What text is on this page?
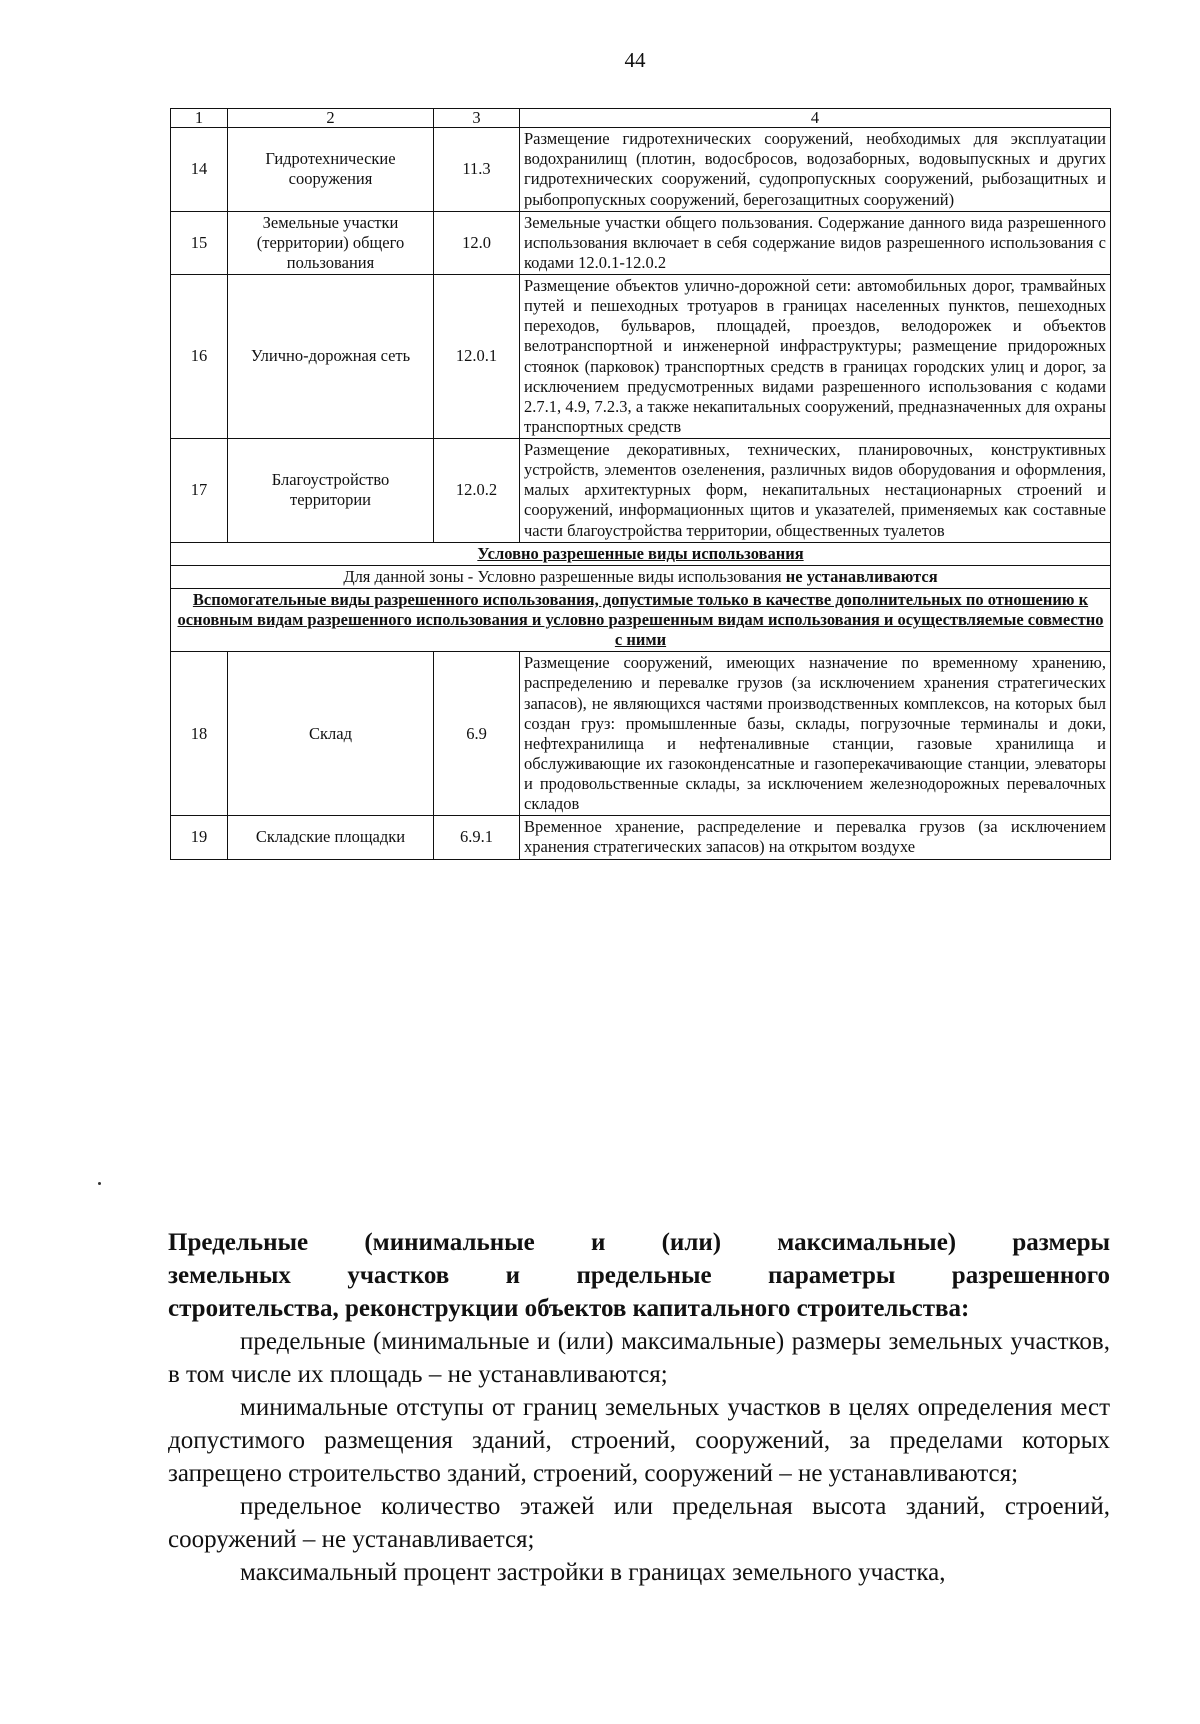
44
1	2	3	4
14	Гидротехнические сооружения	11.3	Размещение гидротехнических сооружений, необходимых для эксплуатации водохранилищ (плотин, водосбросов, водозаборных, водовыпускных и других гидротехнических сооружений, судопропускных сооружений, рыбозащитных и рыбопропускных сооружений, берегозащитных сооружений)
15	Земельные участки (территории) общего пользования	12.0	Земельные участки общего пользования. Содержание данного вида разрешенного использования включает в себя содержание видов разрешенного использования с кодами 12.0.1-12.0.2
16	Улично-дорожная сеть	12.0.1	Размещение объектов улично-дорожной сети: автомобильных дорог, трамвайных путей и пешеходных тротуаров в границах населенных пунктов, пешеходных переходов, бульваров, площадей, проездов, велодорожек и объектов велотранспортной и инженерной инфраструктуры; размещение придорожных стоянок (парковок) транспортных средств в границах городских улиц и дорог, за исключением предусмотренных видами разрешенного использования с кодами 2.7.1, 4.9, 7.2.3, а также некапитальных сооружений, предназначенных для охраны транспортных средств
17	Благоустройство территории	12.0.2	Размещение декоративных, технических, планировочных, конструктивных устройств, элементов озеленения, различных видов оборудования и оформления, малых архитектурных форм, некапитальных нестационарных строений и сооружений, информационных щитов и указателей, применяемых как составные части благоустройства территории, общественных туалетов
Условно разрешенные виды использования			
Для данной зоны - Условно разрешенные виды использования не устанавливаются			
Вспомогательные виды разрешенного использования, допустимые только в качестве дополнительных по отношению к основным видам разрешенного использования и условно разрешенным видам использования и осуществляемые совместно с ними			
18	Склад	6.9	Размещение сооружений, имеющих назначение по временному хранению, распределению и перевалке грузов (за исключением хранения стратегических запасов), не являющихся частями производственных комплексов, на которых был создан груз: промышленные базы, склады, погрузочные терминалы и доки, нефтехранилища и нефтеналивные станции, газовые хранилища и обслуживающие их газоконденсатные и газоперекачивающие станции, элеваторы и продовольственные склады, за исключением железнодорожных перевалочных складов
19	Складские площадки	6.9.1	Временное хранение, распределение и перевалка грузов (за исключением хранения стратегических запасов) на открытом воздухе

Предельные (минимальные и (или) максимальные) размеры
земельных участков и предельные параметры разрешенного
строительства, реконструкции объектов капитального строительства:

предельные (минимальные и (или) максимальные) размеры земельных участков, в том числе их площадь – не устанавливаются;

минимальные отступы от границ земельных участков в целях определения мест допустимого размещения зданий, строений, сооружений, за пределами которых запрещено строительство зданий, строений, сооружений – не устанавливаются;

предельное количество этажей или предельная высота зданий, строений, сооружений – не устанавливается;

максимальный процент застройки в границах земельного участка,
